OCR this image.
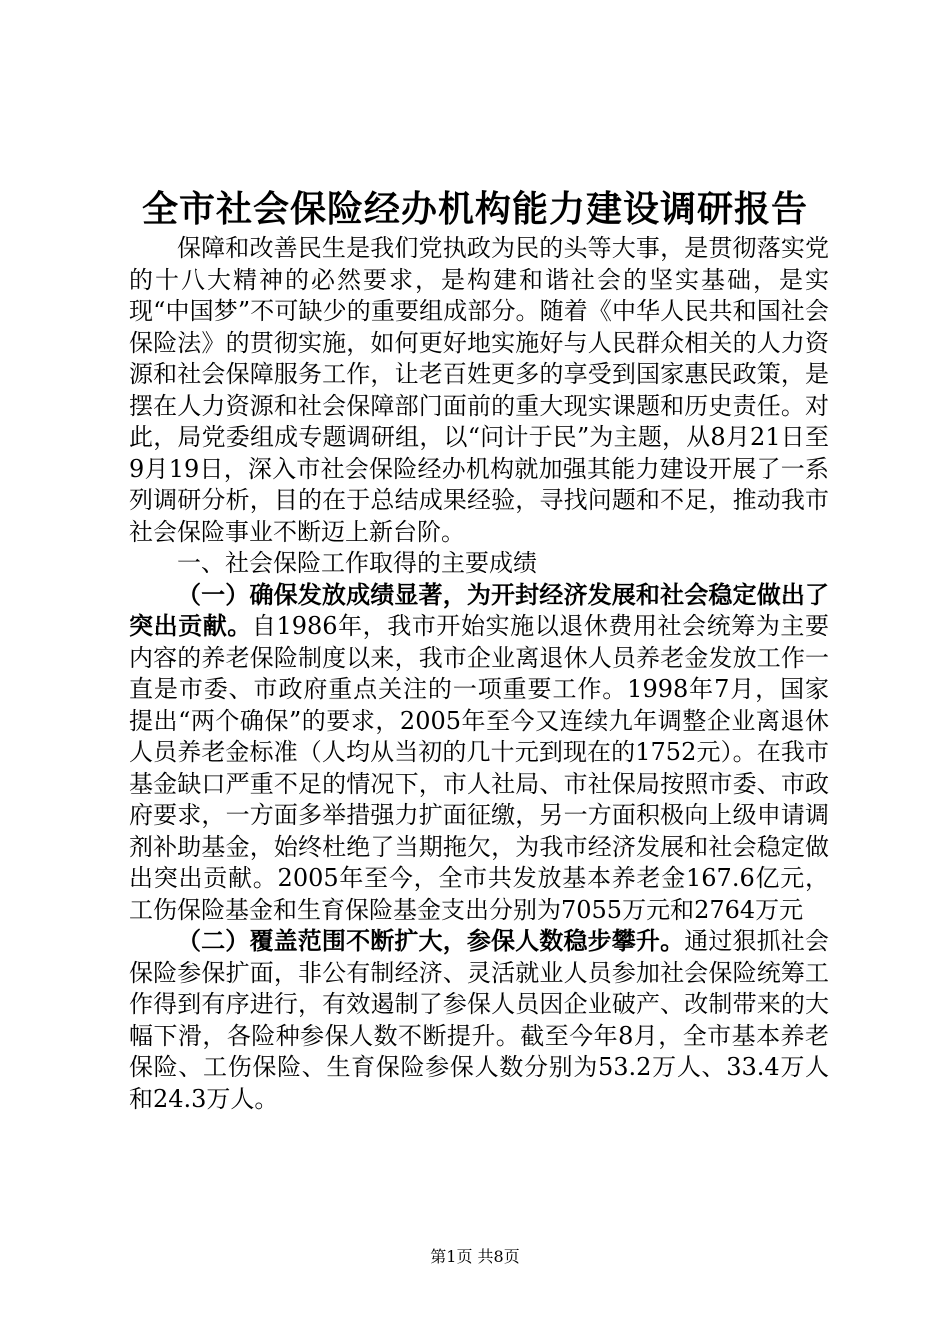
全市社会保险经办机构能力建设调研报告

保障和改善民生是我们党执政为民的头等大事，是贯彻落实党的十八大精神的必然要求，是构建和谐社会的坚实基础，是实现“中国梦”不可缺少的重要组成部分。随着《中华人民共和国社会保险法》的贯彻实施，如何更好地实施好与人民群众相关的人力资源和社会保障服务工作，让老百姓更多的享受到国家惠民政策，是摆在人力资源和社会保障部门面前的重大现实课题和历史责任。对此，局党委组成专题调研组，以“问计于民”为主题，从8月21日至9月19日，深入市社会保险经办机构就加强其能力建设开展了一系列调研分析，目的在于总结成果经验，寻找问题和不足，推动我市社会保险事业不断迈上新台阶。

一、社会保险工作取得的主要成绩

（一）确保发放成绩显著，为开封经济发展和社会稳定做出了突出贡献。自1986年，我市开始实施以退休费用社会统筹为主要内容的养老保险制度以来，我市企业离退休人员养老金发放工作一直是市委、市政府重点关注的一项重要工作。1998年7月，国家提出“两个确保”的要求，2005年至今又连续九年调整企业离退休人员养老金标准（人均从当初的几十元到现在的1752元）。在我市基金缺口严重不足的情况下，市人社局、市社保局按照市委、市政府要求，一方面多举措强力扩面征缴，另一方面积极向上级申请调剂补助基金，始终杜绝了当期拖欠，为我市经济发展和社会稳定做出突出贡献。2005年至今，全市共发放基本养老金167.6亿元，工伤保险基金和生育保险基金支出分别为7055万元和2764万元

（二）覆盖范围不断扩大，参保人数稳步攀升。通过狠抓社会保险参保扩面，非公有制经济、灵活就业人员参加社会保险统筹工作得到有序进行，有效遏制了参保人员因企业破产、改制带来的大幅下滑，各险种参保人数不断提升。截至今年8月，全市基本养老保险、工伤保险、生育保险参保人数分别为53.2万人、33.4万人和24.3万人。

第1页 共8页
